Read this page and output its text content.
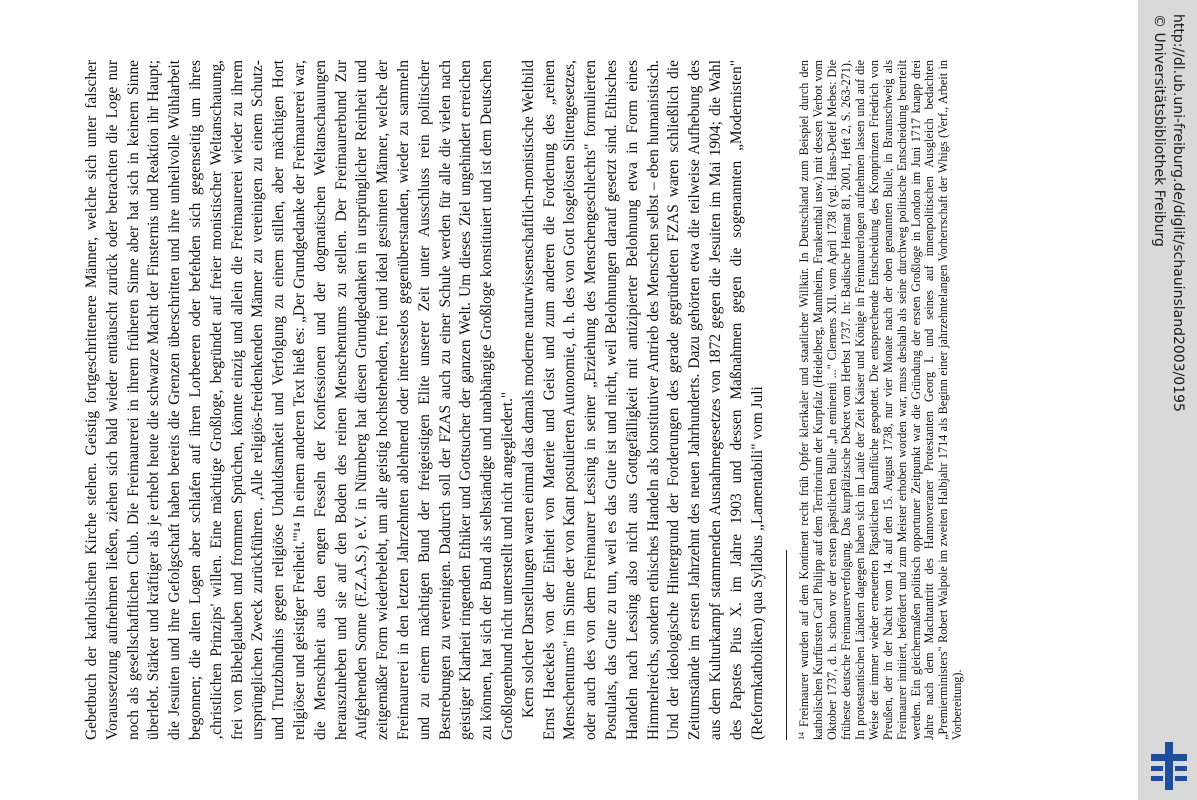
Gebetbuch der katholischen Kirche stehen. Geistig fortgeschrittenere Männer, welche sich unter falscher Voraussetzung aufnehmen ließen, ziehen sich bald wieder enttäuscht zurück oder betrachten die Loge nur noch als gesellschaftlichen Club. Die Freimaurerei in ihrem früheren Sinne aber hat sich in keinem Sinne überlebt. Stärker und kräftiger als je erhebt heute die schwarze Macht der Finsternis und Reaktion ihr Haupt; die Jesuiten und ihre Gefolgschaft haben bereits die Grenzen überschritten und ihre unheilvolle Wühlarbeit begonnen; die alten Logen aber schlafen auf ihren Lorbeeren oder befehden sich gegenseitig um ihres ‚christlichen Prinzips' willen. Eine mächtige Großloge, begründet auf freier monistischer Weltanschauung, frei von Bibelglauben und frommen Sprüchen, könnte einzig und allein die Freimaurerei wieder zu ihrem ursprünglichen Zweck zurückführen. ‚Alle religiös-freidenkenden Männer zu vereinigen zu einem Schutz- und Trutzbündnis gegen religiöse Unduldsamkeit und Verfolgung zu einem stillen, aber mächtigen Hort religiöser und geistiger Freiheit.'"¹⁴ In einem anderen Text hieß es: „Der Grundgedanke der Freimaurerei war, die Menschheit aus den engen Fesseln der Konfessionen und der dogmatischen Weltanschauungen herauszuheben und sie auf den Boden des reinen Menschentums zu stellen. Der Freimaurerbund Zur Aufgehenden Sonne (F.Z.A.S.) e.V. in Nürnberg hat diesen Grundgedanken in ursprünglicher Reinheit und zeitgemäßer Form wiederbelebt, um alle geistig hochstehenden, frei und ideal gesinnten Männer, welche der Freimaurerei in den letzten Jahrzehnten ablehnend oder interesselos gegenüberstanden, wieder zu sammeln und zu einem mächtigen Bund der freigeistigen Elite unserer Zeit unter Ausschluss rein politischer Bestrebungen zu vereinigen. Dadurch soll der FZAS auch zu einer Schule werden für alle die vielen nach geistiger Klarheit ringenden Ethiker und Gottsucher der ganzen Welt. Um dieses Ziel ungehindert erreichen zu können, hat sich der Bund als selbständige und unabhängige Großloge konstituiert und ist dem Deutschen Großlogenbund nicht unterstellt und nicht angegliedert." Kern solcher Darstellungen waren einmal das damals moderne naturwissenschaftlich-monistische Weltbild Ernst Haeckels von der Einheit von Materie und Geist und zum anderen die Forderung des „reinen Menschentums" im Sinne der von Kant postulierten Autonomie, d. h. des von Gott losgelösten Sittengesetzes, oder auch des von dem Freimaurer Lessing in seiner „Erziehung des Menschengeschlechts" formulierten Postulats, das Gute zu tun, weil es das Gute ist und nicht, weil Belohnungen darauf gesetzt sind. Ethisches Handeln nach Lessing also nicht aus Gottgefälligkeit mit antizipierter Belohnung etwa in Form eines Himmelreichs, sondern ethisches Handeln als konstitutiver Antrieb des Menschen selbst – eben humanistisch. Und der ideologische Hintergrund der Forderungen des gerade gegründeten FZAS waren schließlich die Zeitumstände im ersten Jahrzehnt des neuen Jahrhunderts. Dazu gehörten etwa die teilweise Aufhebung des aus dem Kulturkampf stammenden Ausnahmegesetzes von 1872 gegen die Jesuiten im Mai 1904; die Wahl des Papstes Pius X. im Jahre 1903 und dessen Maßnahmen gegen die sogenannten „Modernisten" (Reformkatholiken) qua Syllabus „Lamentabili" vom Juli	$^{14}$ Freimaurer wurden auf dem Kontinent recht früh Opfer klerikaler und staatlicher Willkür. In Deutschland zum Beispiel durch den katholischen Kurfürsten Carl Philipp auf dem Territorium der Kurpfalz (Heidelberg, Mannheim, Frankenthal usw.) mit dessen Verbot vom Oktober 1737, d. h. schon vor der ersten päpstlichen Bulle „In eminenti ..." Clemens XII. vom April 1738 (vgl. Hans-Detlef Mebes: Die früheste deutsche Freimaurerverfolgung. Das kurpfälzische Dekret vom Herbst 1737. In: Badische Heimat 81, 2001, Heft 2, S. 263-271). In protestantischen Ländern dagegen haben sich im Laufe der Zeit Kaiser und Könige in Freimaurerlogen aufnehmen lassen und auf die Weise der immer wieder erneuerten Päpstlichen Bannflüche gespottet. Die entsprechende Entscheidung des Kronprinzen Friedrich von Preußen, der in der Nacht vom 14. auf den 15. August 1738, nur vier Monate nach der oben genannten Bulle, in Braunschweig als Freimaurer initiiert, befördert und zum Meister erhoben worden war, muss deshalb als seine durchweg politische Entscheidung beurteilt werden. Ein gleichermaßen politisch opportuner Zeitpunkt war die Gründung der ersten Großloge in London im Juni 1717 knapp drei Jahre nach dem Machtantritt des Hannoveraner Protestanten Georg I. und seines auf innenpolitischen Ausgleich bedachten „Premierministers" Robert Walpole im zweiten Halbjahr 1714 als Beginn einer jahrzehntelangen Vorherrschaft der Whigs (Verf., Arbeit in Vorbereitung).
http://dl.ub.uni-freiburg.de/diglit/schauinsland2003/0195
© Universitätsbibliothek Freiburg
